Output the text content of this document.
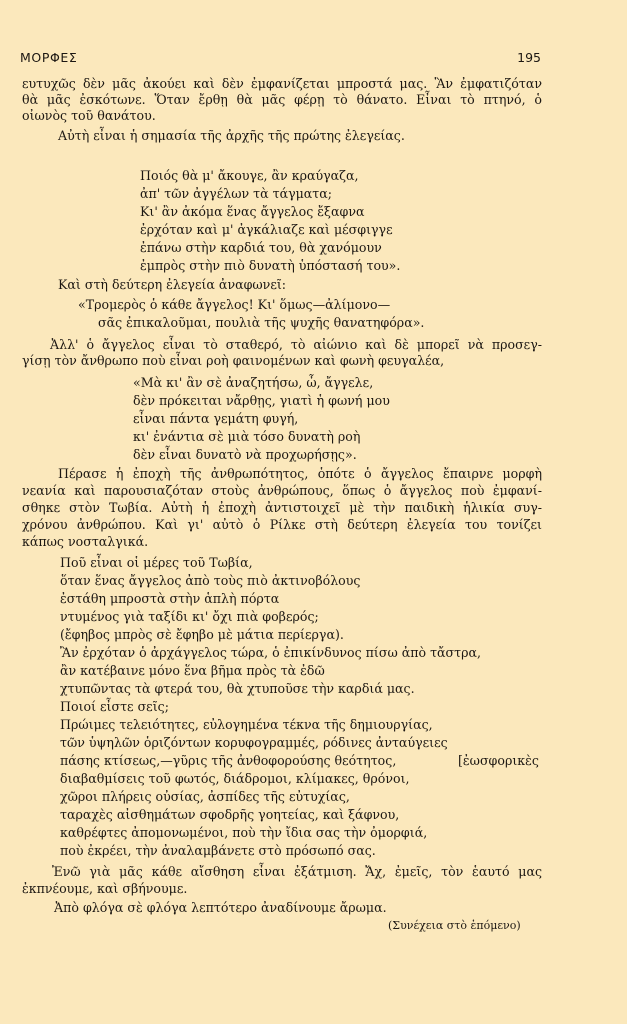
ΜΟΡΦΕΣ	195
ευτυχῶς δὲν μᾶς ἀκούει καὶ δὲν ἐμφανίζεται μπροστά μας. Ἂν ἐμφατιζόταν
θὰ μᾶς ἐσκότωνε. Ὅταν ἔρθῃ θὰ μᾶς φέρῃ τὸ θάνατο. Εἶναι τὸ πτηνό, ὁ
οἰωνὸς τοῦ θανάτου.
Αὐτὴ εἶναι ἡ σημασία τῆς ἀρχῆς τῆς πρώτης ἐλεγείας.
Ποιός θὰ μ' ἄκουγε, ἂν κραύγαζα,
ἀπ' τῶν ἀγγέλων τὰ τάγματα;
Κι' ἂν ἀκόμα ἕνας ἄγγελος ἔξαφνα
ἐρχόταν καὶ μ' ἀγκάλιαζε καὶ μέσφιγγε
ἐπάνω στὴν καρδιά του, θὰ χανόμουν
ἐμπρὸς στὴν πιὸ δυνατὴ ὑπόστασή του».
Καὶ στὴ δεύτερη ἐλεγεία ἀναφωνεῖ:
«Τρομερὸς ὁ κάθε ἄγγελος! Κι' ὅμως—ἀλίμονο—
σᾶς ἐπικαλοῦμαι, πουλιὰ τῆς ψυχῆς θανατηφόρα».
Ἀλλ' ὁ ἄγγελος εἶναι τὸ σταθερό, τὸ αἰώνιο καὶ δὲ μπορεῖ νὰ προσεγ-
γίσῃ τὸν ἄνθρωπο ποὺ εἶναι ροὴ φαινομένων καὶ φωνὴ φευγαλέα,
«Μὰ κι' ἂν σὲ ἀναζητήσω, ὦ, ἄγγελε,
δὲν πρόκειται νἄρθῃς, γιατὶ ἡ φωνή μου
εἶναι πάντα γεμάτη φυγή,
κι' ἐνάντια σὲ μιὰ τόσο δυνατὴ ροὴ
δὲν εἶναι δυνατὸ νὰ προχωρήσῃς».
Πέρασε ἡ ἐποχὴ τῆς ἀνθρωπότητος, ὁπότε ὁ ἄγγελος ἔπαιρνε μορφὴ
νεανία καὶ παρουσιαζόταν στοὺς ἀνθρώπους, ὅπως ὁ ἄγγελος ποὺ ἐμφανί-
σθηκε στὸν Τωβία. Αὐτὴ ἡ ἐποχὴ ἀντιστοιχεῖ μὲ τὴν παιδικὴ ἡλικία συγ-
χρόνου ἀνθρώπου. Καὶ γι' αὐτὸ ὁ Ρίλκε στὴ δεύτερη ἐλεγεία του τονίζει
κάπως νοσταλγικά.
Ποῦ εἶναι οἱ μέρες τοῦ Τωβία,
ὅταν ἕνας ἄγγελος ἀπὸ τοὺς πιὸ ἀκτινοβόλους
ἐστάθη μπροστὰ στὴν ἁπλὴ πόρτα
ντυμένος γιὰ ταξίδι κι' ὄχι πιὰ φοβερός;
(ἔφηβος μπρὸς σὲ ἔφηβο μὲ μάτια περίεργα).
Ἂν ἐρχόταν ὁ ἀρχάγγελος τώρα, ὁ ἐπικίνδυνος πίσω ἀπὸ τἄστρα,
ἂν κατέβαινε μόνο ἕνα βῆμα πρὸς τὰ ἐδῶ
χτυπῶντας τὰ φτερά του, θὰ χτυποῦσε τὴν καρδιά μας.
Ποιοί εἶστε σεῖς;
Πρώιμες τελειότητες, εὐλογημένα τέκνα τῆς δημιουργίας,
τῶν ὑψηλῶν ὁριζόντων κορυφογραμμές, ρόδινες ἀνταύγειες
πάσης κτίσεως,—γῦρις τῆς ἀνθοφορούσης θεότητος,	[ἐωσφορικὲς
διαβαθμίσεις τοῦ φωτός, διάδρομοι, κλίμακες, θρόνοι,
χῶροι πλήρεις οὐσίας, ἀσπίδες τῆς εὐτυχίας,
ταραχὲς αἰσθημάτων σφοδρῆς γοητείας, καὶ ξάφνου,
καθρέφτες ἀπομονωμένοι, ποὺ τὴν ἴδια σας τὴν ὀμορφιά,
ποὺ ἐκρέει, τὴν ἀναλαμβάνετε στὸ πρόσωπό σας.
Ἐνῶ γιὰ μᾶς κάθε αἴσθηση εἶναι ἐξάτμιση. Ἄχ, ἐμεῖς, τὸν ἑαυτό μας
ἐκπνέουμε, καὶ σβήνουμε.
Ἀπὸ φλόγα σὲ φλόγα λεπτότερο ἀναδίνουμε ἄρωμα.
(Συνέχεια στὸ ἑπόμενο)
